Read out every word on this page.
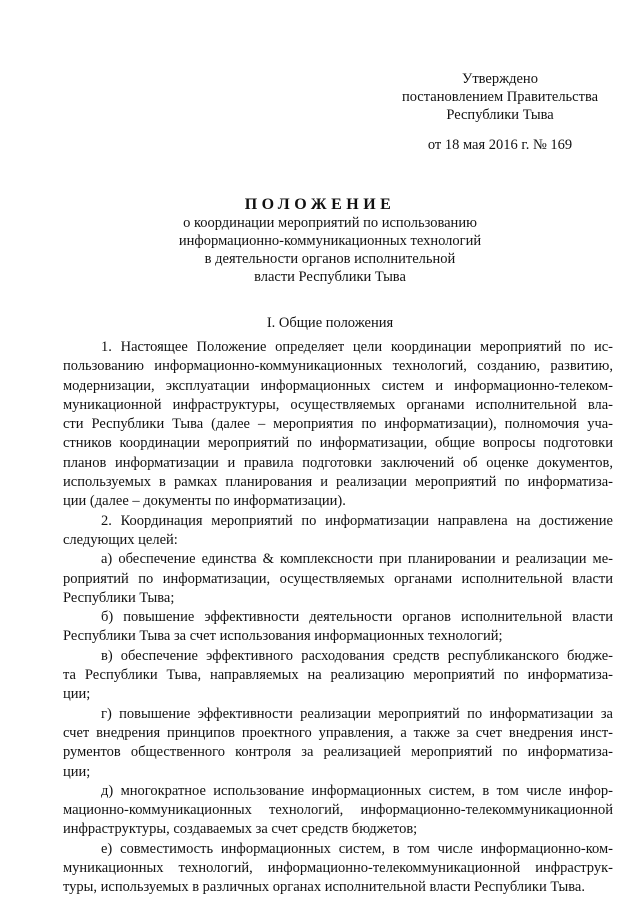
Утверждено
постановлением Правительства
Республики Тыва
от 18 мая 2016 г. № 169
ПОЛОЖЕНИЕ
о координации мероприятий по использованию
информационно-коммуникационных технологий
в деятельности органов исполнительной
власти Республики Тыва
I. Общие положения
1. Настоящее Положение определяет цели координации мероприятий по ис-
пользованию информационно-коммуникационных технологий, созданию, развитию,
модернизации, эксплуатации информационных систем и информационно-телеком-
муникационной инфраструктуры, осуществляемых органами исполнительной вла-
сти Республики Тыва (далее – мероприятия по информатизации), полномочия уча-
стников координации мероприятий по информатизации, общие вопросы подготовки
планов информатизации и правила подготовки заключений об оценке документов,
используемых в рамках планирования и реализации мероприятий по информатиза-
ции (далее – документы по информатизации).
2. Координация мероприятий по информатизации направлена на достижение
следующих целей:
а) обеспечение единства & комплексности при планировании и реализации ме-
роприятий по информатизации, осуществляемых органами исполнительной власти
Республики Тыва;
б) повышение эффективности деятельности органов исполнительной власти
Республики Тыва за счет использования информационных технологий;
в) обеспечение эффективного расходования средств республиканского бюдже-
та Республики Тыва, направляемых на реализацию мероприятий по информатиза-
ции;
г) повышение эффективности реализации мероприятий по информатизации за
счет внедрения принципов проектного управления, а также за счет внедрения инст-
рументов общественного контроля за реализацией мероприятий по информатиза-
ции;
д) многократное использование информационных систем, в том числе инфор-
мационно-коммуникационных технологий, информационно-телекоммуникационной
инфраструктуры, создаваемых за счет средств бюджетов;
е) совместимость информационных систем, в том числе информационно-ком-
муникационных технологий, информационно-телекоммуникационной инфраструк-
туры, используемых в различных органах исполнительной власти Республики Тыва.
